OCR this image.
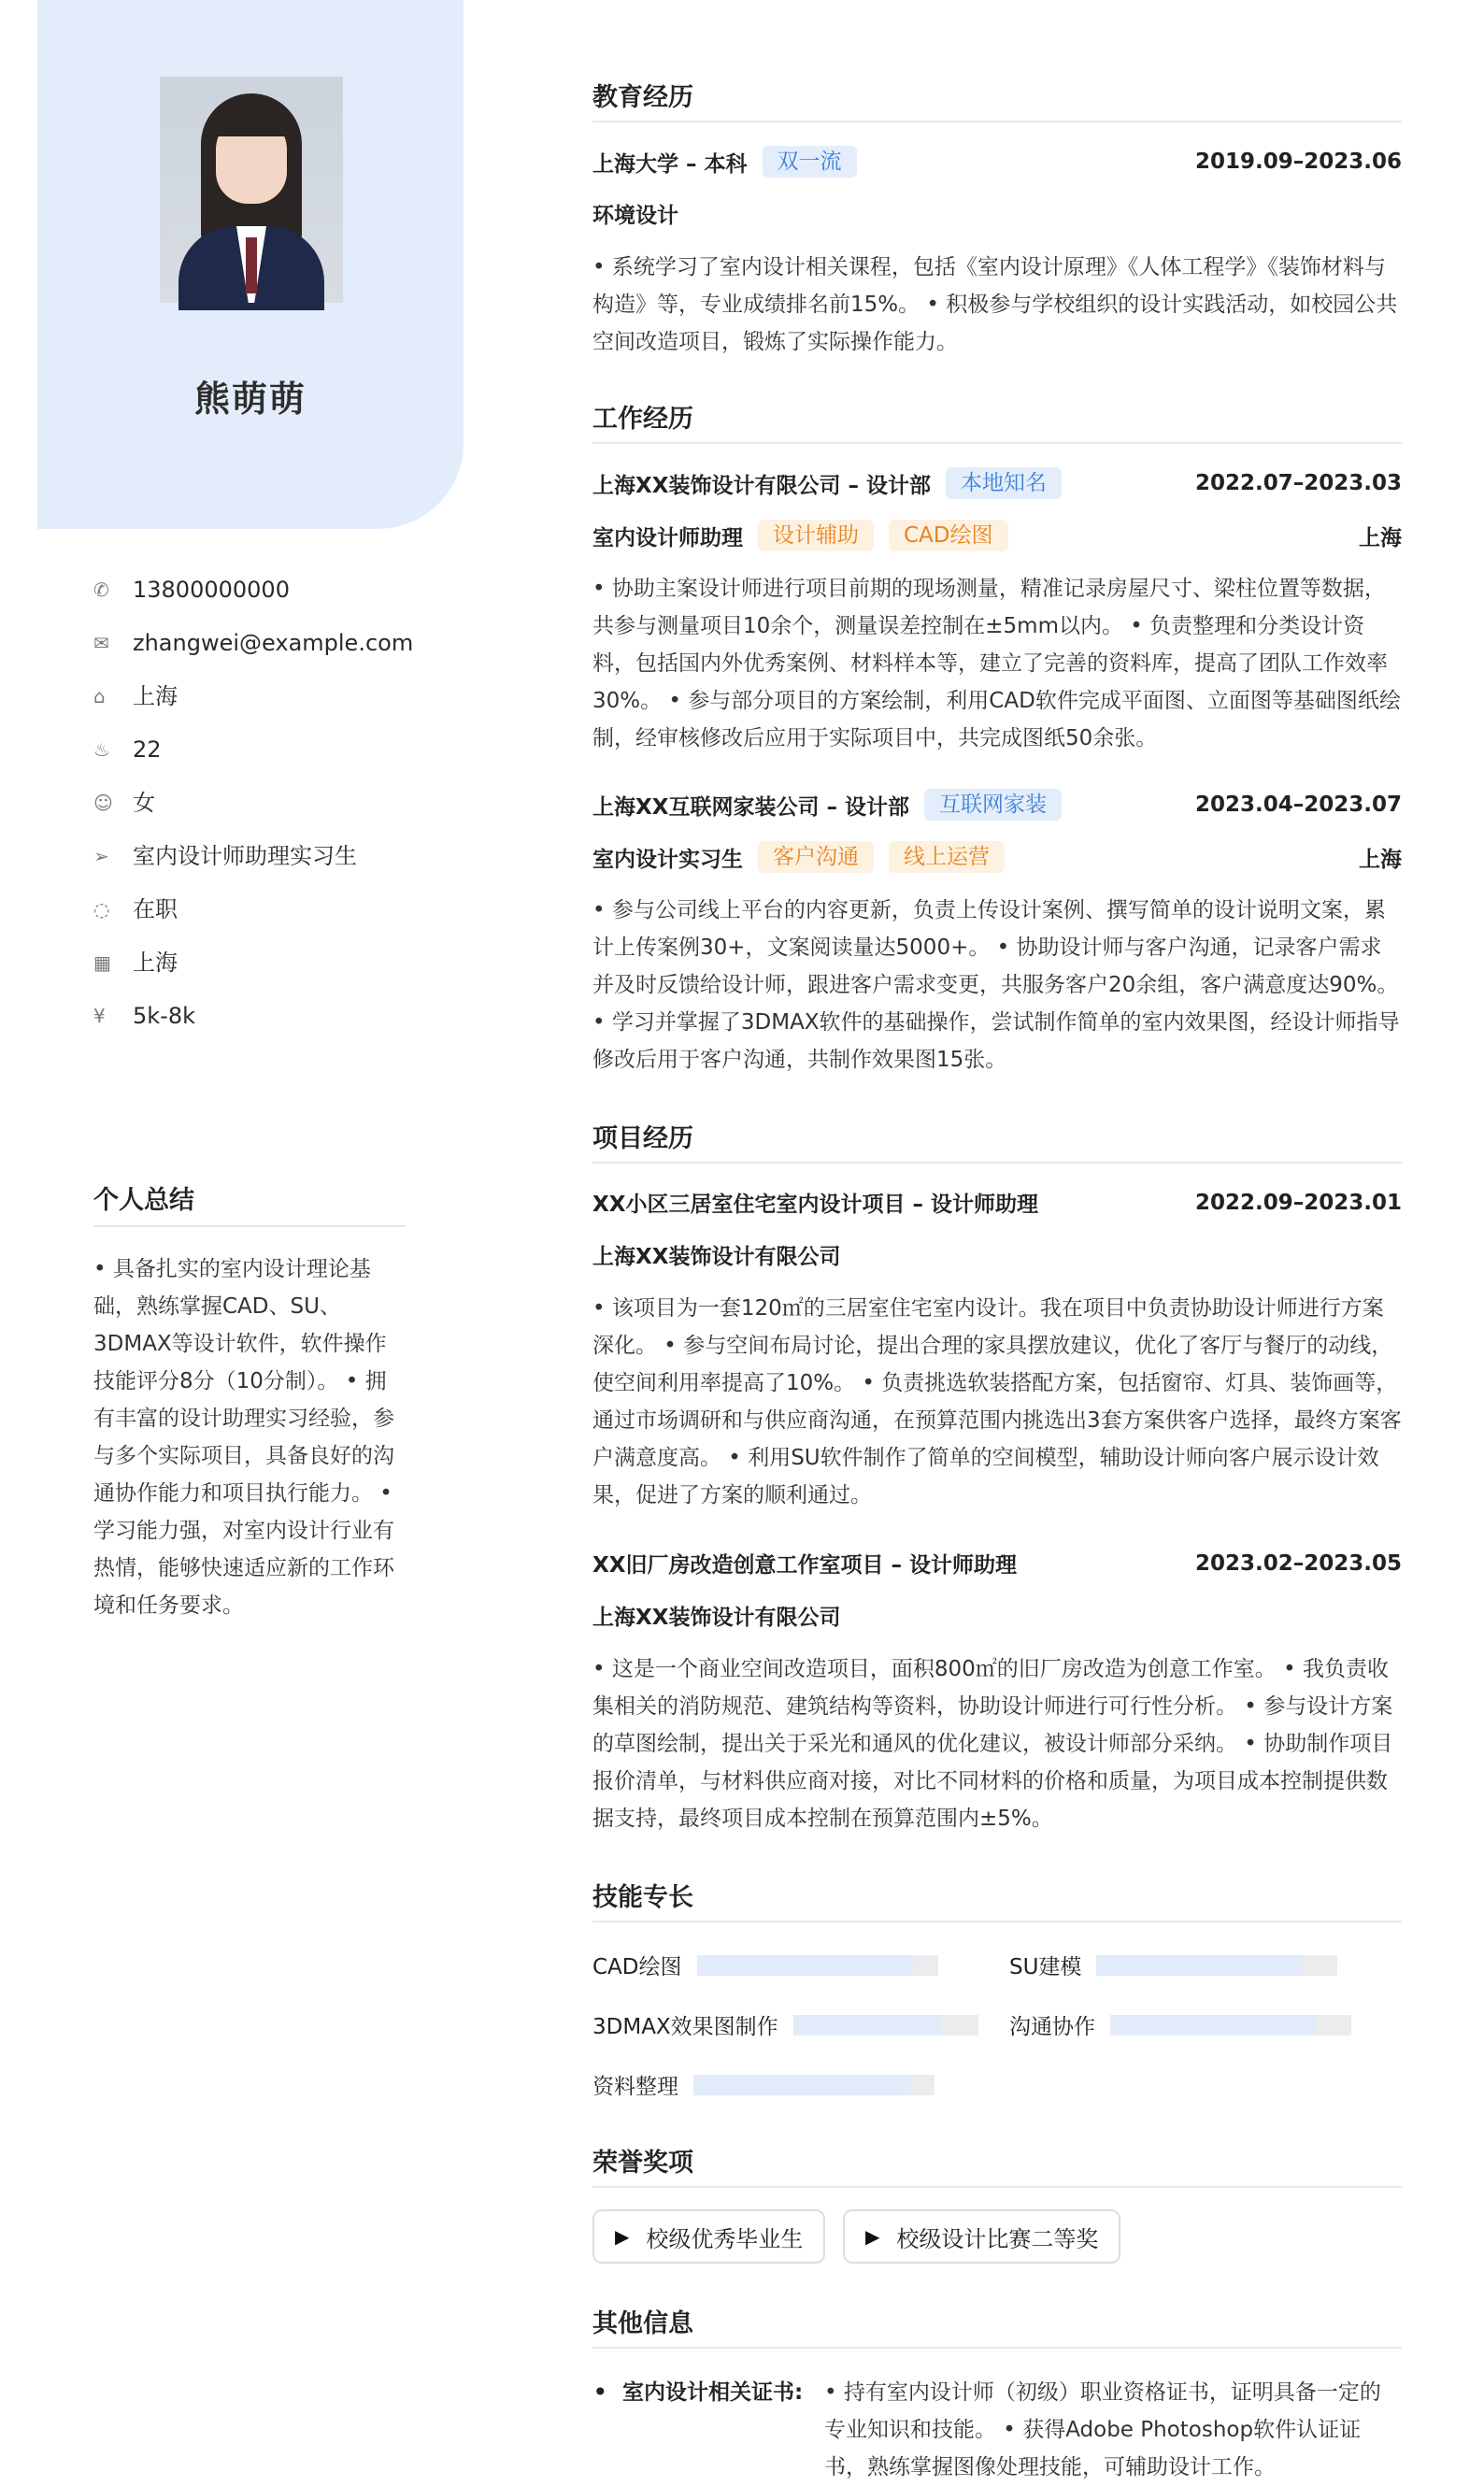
熊萌萌
✆	13800000000
✉	zhangwei@example.com
⌂	上海
♨	22
☺ 女
➢	室内设计师助理实习生
◌	在职
▦ 上海
¥	5k-8k
个人总结
• 具备扎实的室内设计理论基础，熟练掌握CAD、SU、3DMAX等设计软件，软件操作技能评分8分（10分制）。 • 拥有丰富的设计助理实习经验，参与多个实际项目，具备良好的沟通协作能力和项目执行能力。 • 学习能力强，对室内设计行业有热情，能够快速适应新的工作环境和任务要求。
教育经历
上海大学 – 本科	双一流	2019.09–2023.06
环境设计
• 系统学习了室内设计相关课程，包括《室内设计原理》《人体工程学》《装饰材料与构造》等，专业成绩排名前15%。 • 积极参与学校组织的设计实践活动，如校园公共空间改造项目，锻炼了实际操作能力。
工作经历
上海XX装饰设计有限公司 – 设计部	本地知名	2022.07–2023.03
室内设计师助理	设计辅助	CAD绘图	上海
• 协助主案设计师进行项目前期的现场测量，精准记录房屋尺寸、梁柱位置等数据，共参与测量项目10余个，测量误差控制在±5mm以内。 • 负责整理和分类设计资料，包括国内外优秀案例、材料样本等，建立了完善的资料库，提高了团队工作效率30%。 • 参与部分项目的方案绘制，利用CAD软件完成平面图、立面图等基础图纸绘制，经审核修改后应用于实际项目中，共完成图纸50余张。
上海XX互联网家装公司 – 设计部	互联网家装	2023.04–2023.07
室内设计实习生	客户沟通	线上运营	上海
• 参与公司线上平台的内容更新，负责上传设计案例、撰写简单的设计说明文案，累计上传案例30+，文案阅读量达5000+。 • 协助设计师与客户沟通，记录客户需求并及时反馈给设计师，跟进客户需求变更，共服务客户20余组，客户满意度达90%。 • 学习并掌握了3DMAX软件的基础操作，尝试制作简单的室内效果图，经设计师指导修改后用于客户沟通，共制作效果图15张。
项目经历
XX小区三居室住宅室内设计项目 – 设计师助理	2022.09–2023.01
上海XX装饰设计有限公司
• 该项目为一套120㎡的三居室住宅室内设计。我在项目中负责协助设计师进行方案深化。 • 参与空间布局讨论，提出合理的家具摆放建议，优化了客厅与餐厅的动线，使空间利用率提高了10%。 • 负责挑选软装搭配方案，包括窗帘、灯具、装饰画等，通过市场调研和与供应商沟通，在预算范围内挑选出3套方案供客户选择，最终方案客户满意度高。 • 利用SU软件制作了简单的空间模型，辅助设计师向客户展示设计效果，促进了方案的顺利通过。
XX旧厂房改造创意工作室项目 – 设计师助理	2023.02–2023.05
上海XX装饰设计有限公司
• 这是一个商业空间改造项目，面积800㎡的旧厂房改造为创意工作室。 • 我负责收集相关的消防规范、建筑结构等资料，协助设计师进行可行性分析。 • 参与设计方案的草图绘制，提出关于采光和通风的优化建议，被设计师部分采纳。 • 协助制作项目报价清单，与材料供应商对接，对比不同材料的价格和质量，为项目成本控制提供数据支持，最终项目成本控制在预算范围内±5%。
技能专长
CAD绘图	SU建模
3DMAX效果图制作	沟通协作
资料整理
荣誉奖项
▶ 校级优秀毕业生	▶ 校级设计比赛二等奖
其他信息
• 室内设计相关证书: • 持有室内设计师（初级）职业资格证书，证明具备一定的专业知识和技能。 • 获得Adobe Photoshop软件认证证书，熟练掌握图像处理技能，可辅助设计工作。
